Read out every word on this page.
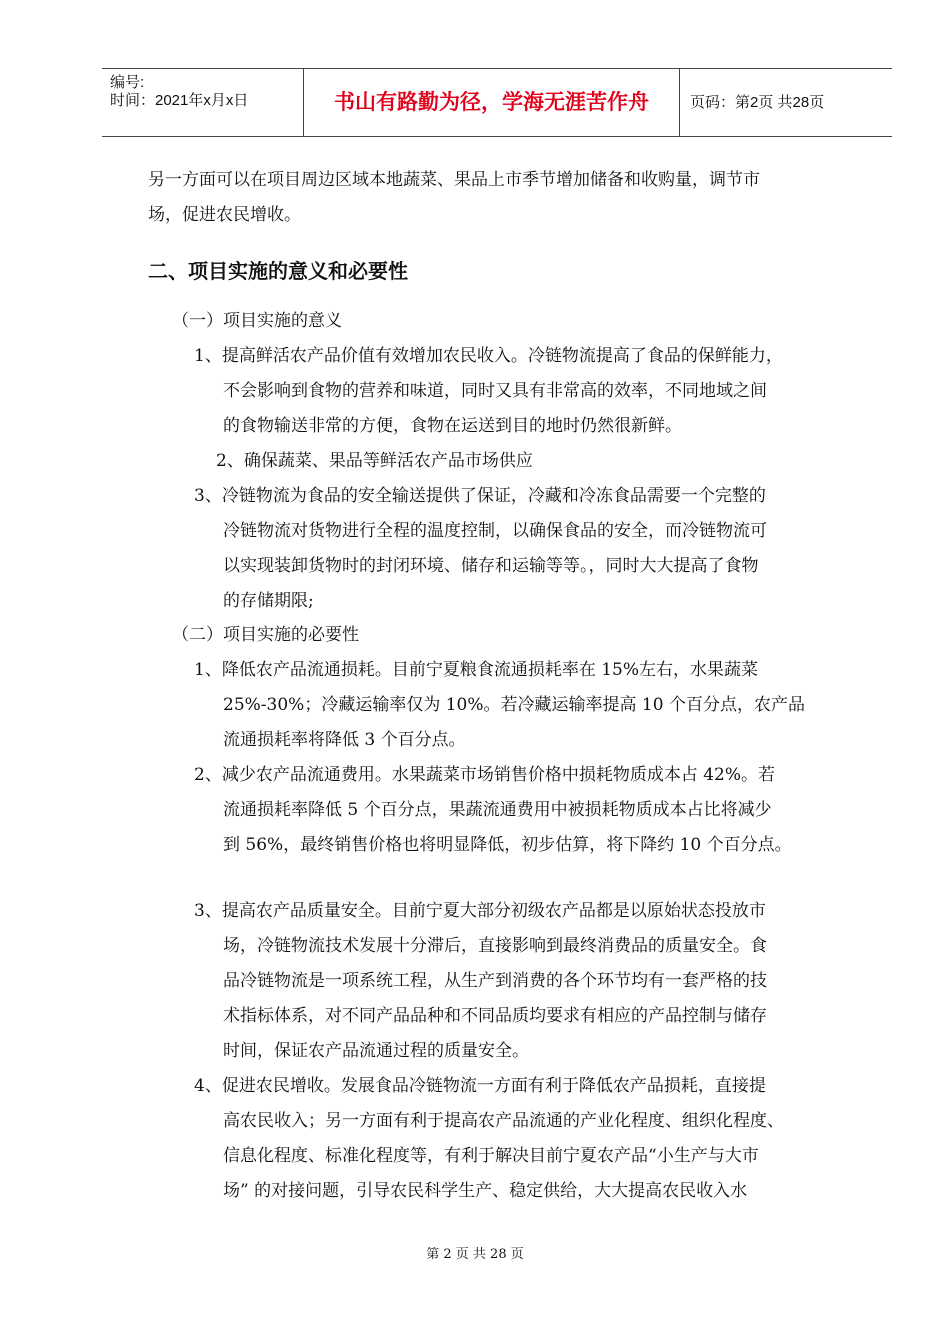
编号:
时间：2021年x月x日	书山有路勤为径，学海无涯苦作舟	页码：第2页 共28页
另一方面可以在项目周边区域本地蔬菜、果品上市季节增加储备和收购量，调节市
场，促进农民增收。
二、项目实施的意义和必要性
（一）项目实施的意义
1、提高鲜活农产品价值有效增加农民收入。冷链物流提高了食品的保鲜能力，
不会影响到食物的营养和味道，同时又具有非常高的效率，不同地域之间
的食物输送非常的方便，食物在运送到目的地时仍然很新鲜。
2、确保蔬菜、果品等鲜活农产品市场供应
3、冷链物流为食品的安全输送提供了保证，冷藏和冷冻食品需要一个完整的
冷链物流对货物进行全程的温度控制，以确保食品的安全，而冷链物流可
以实现装卸货物时的封闭环境、储存和运输等等。，同时大大提高了食物
的存储期限;
（二）项目实施的必要性
1、降低农产品流通损耗。目前宁夏粮食流通损耗率在 15%左右，水果蔬菜
25%-30%；冷藏运输率仅为 10%。若冷藏运输率提高 10 个百分点，农产品
流通损耗率将降低 3 个百分点。
2、减少农产品流通费用。水果蔬菜市场销售价格中损耗物质成本占 42%。若
流通损耗率降低 5 个百分点，果蔬流通费用中被损耗物质成本占比将减少
到 56%，最终销售价格也将明显降低，初步估算，将下降约 10 个百分点。
3、提高农产品质量安全。目前宁夏大部分初级农产品都是以原始状态投放市
场，冷链物流技术发展十分滞后，直接影响到最终消费品的质量安全。食
品冷链物流是一项系统工程，从生产到消费的各个环节均有一套严格的技
术指标体系，对不同产品品种和不同品质均要求有相应的产品控制与储存
时间，保证农产品流通过程的质量安全。
4、促进农民增收。发展食品冷链物流一方面有利于降低农产品损耗，直接提
高农民收入；另一方面有利于提高农产品流通的产业化程度、组织化程度、
信息化程度、标准化程度等，有利于解决目前宁夏农产品“小生产与大市
场” 的对接问题，引导农民科学生产、稳定供给，大大提高农民收入水
第 2 页 共 28 页
